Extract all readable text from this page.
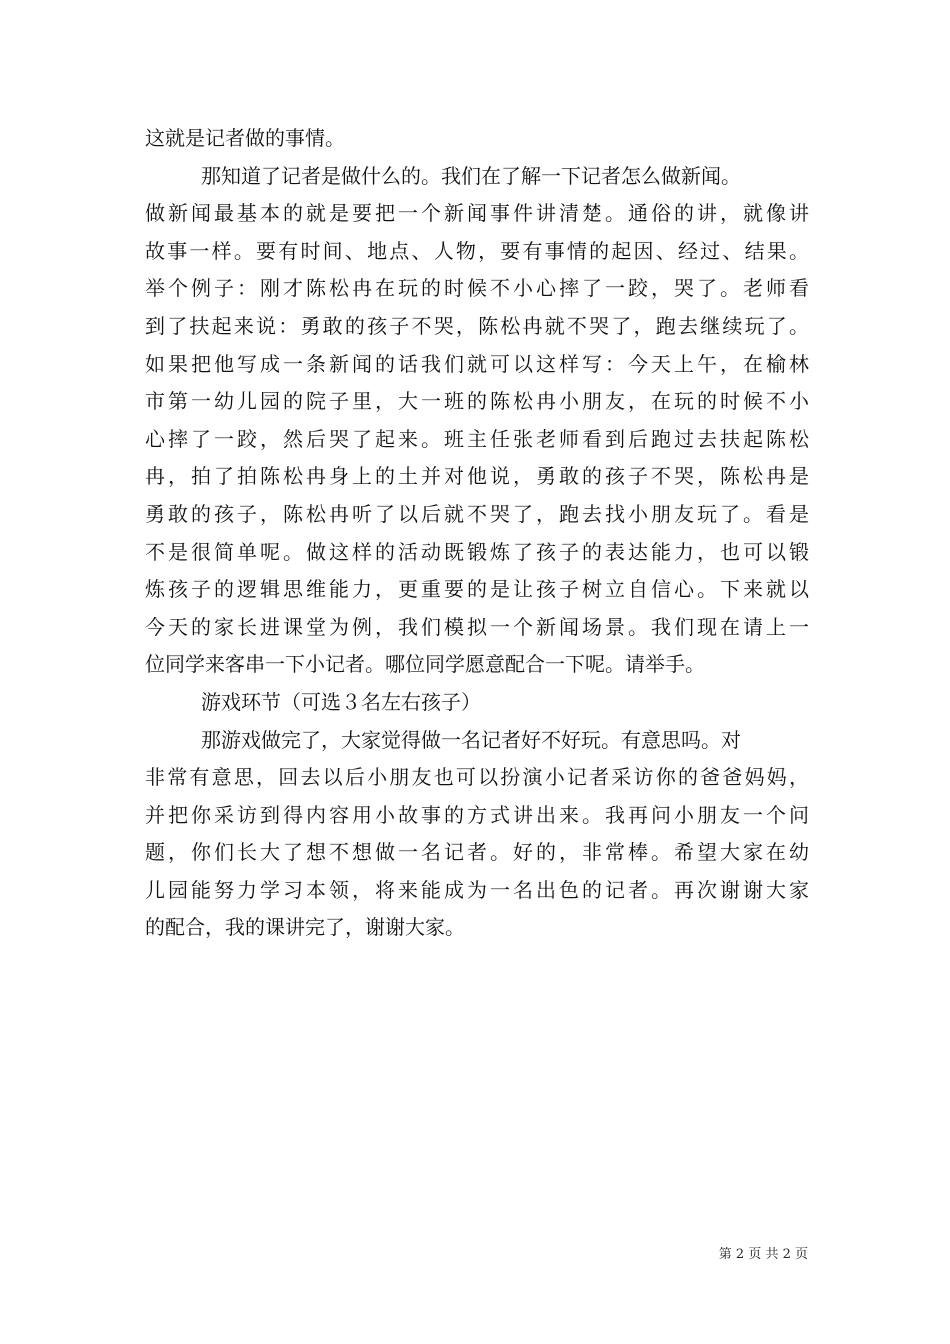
这就是记者做的事情。
那知道了记者是做什么的。我们在了解一下记者怎么做新闻。
做新闻最基本的就是要把一个新闻事件讲清楚。通俗的讲，就像讲
故事一样。要有时间、地点、人物，要有事情的起因、经过、结果。
举个例子：刚才陈松冉在玩的时候不小心摔了一跤，哭了。老师看
到了扶起来说：勇敢的孩子不哭，陈松冉就不哭了，跑去继续玩了。
如果把他写成一条新闻的话我们就可以这样写：今天上午，在榆林
市第一幼儿园的院子里，大一班的陈松冉小朋友，在玩的时候不小
心摔了一跤，然后哭了起来。班主任张老师看到后跑过去扶起陈松
冉，拍了拍陈松冉身上的土并对他说，勇敢的孩子不哭，陈松冉是
勇敢的孩子，陈松冉听了以后就不哭了，跑去找小朋友玩了。看是
不是很简单呢。做这样的活动既锻炼了孩子的表达能力，也可以锻
炼孩子的逻辑思维能力，更重要的是让孩子树立自信心。下来就以
今天的家长进课堂为例，我们模拟一个新闻场景。我们现在请上一
位同学来客串一下小记者。哪位同学愿意配合一下呢。请举手。
游戏环节（可选３名左右孩子）
那游戏做完了，大家觉得做一名记者好不好玩。有意思吗。对
非常有意思，回去以后小朋友也可以扮演小记者采访你的爸爸妈妈，
并把你采访到得内容用小故事的方式讲出来。我再问小朋友一个问
题，你们长大了想不想做一名记者。好的，非常棒。希望大家在幼
儿园能努力学习本领，将来能成为一名出色的记者。再次谢谢大家
的配合，我的课讲完了，谢谢大家。
第 2 页 共 2 页
